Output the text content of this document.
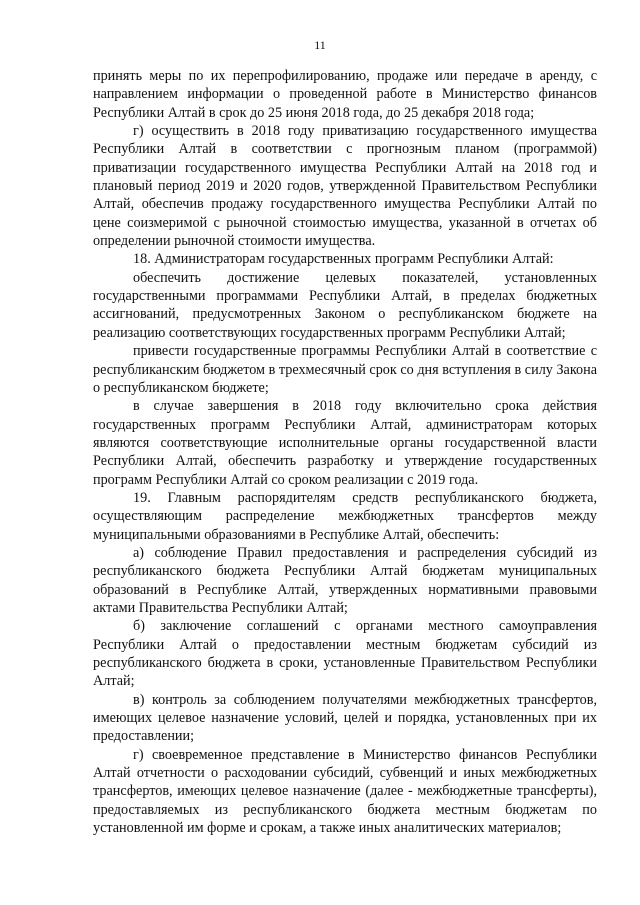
11

принять меры по их перепрофилированию, продаже или передаче в аренду, с направлением информации о проведенной работе в Министерство финансов Республики Алтай в срок до 25 июня 2018 года, до 25 декабря 2018 года;

г) осуществить в 2018 году приватизацию государственного имущества Республики Алтай в соответствии с прогнозным планом (программой) приватизации государственного имущества Республики Алтай на 2018 год и плановый период 2019 и 2020 годов, утвержденной Правительством Республики Алтай, обеспечив продажу государственного имущества Республики Алтай по цене соизмеримой с рыночной стоимостью имущества, указанной в отчетах об определении рыночной стоимости имущества.

18. Администраторам государственных программ Республики Алтай:

обеспечить достижение целевых показателей, установленных государственными программами Республики Алтай, в пределах бюджетных ассигнований, предусмотренных Законом о республиканском бюджете на реализацию соответствующих государственных программ Республики Алтай;

привести государственные программы Республики Алтай в соответствие с республиканским бюджетом в трехмесячный срок со дня вступления в силу Закона о республиканском бюджете;

в случае завершения в 2018 году включительно срока действия государственных программ Республики Алтай, администраторам которых являются соответствующие исполнительные органы государственной власти Республики Алтай, обеспечить разработку и утверждение государственных программ Республики Алтай со сроком реализации с 2019 года.

19. Главным распорядителям средств республиканского бюджета, осуществляющим распределение межбюджетных трансфертов между муниципальными образованиями в Республике Алтай, обеспечить:

а) соблюдение Правил предоставления и распределения субсидий из республиканского бюджета Республики Алтай бюджетам муниципальных образований в Республике Алтай, утвержденных нормативными правовыми актами Правительства Республики Алтай;

б) заключение соглашений с органами местного самоуправления Республики Алтай о предоставлении местным бюджетам субсидий из республиканского бюджета в сроки, установленные Правительством Республики Алтай;

в) контроль за соблюдением получателями межбюджетных трансфертов, имеющих целевое назначение условий, целей и порядка, установленных при их предоставлении;

г) своевременное представление в Министерство финансов Республики Алтай отчетности о расходовании субсидий, субвенций и иных межбюджетных трансфертов, имеющих целевое назначение (далее - межбюджетные трансферты), предоставляемых из республиканского бюджета местным бюджетам по установленной им форме и срокам, а также иных аналитических материалов;
